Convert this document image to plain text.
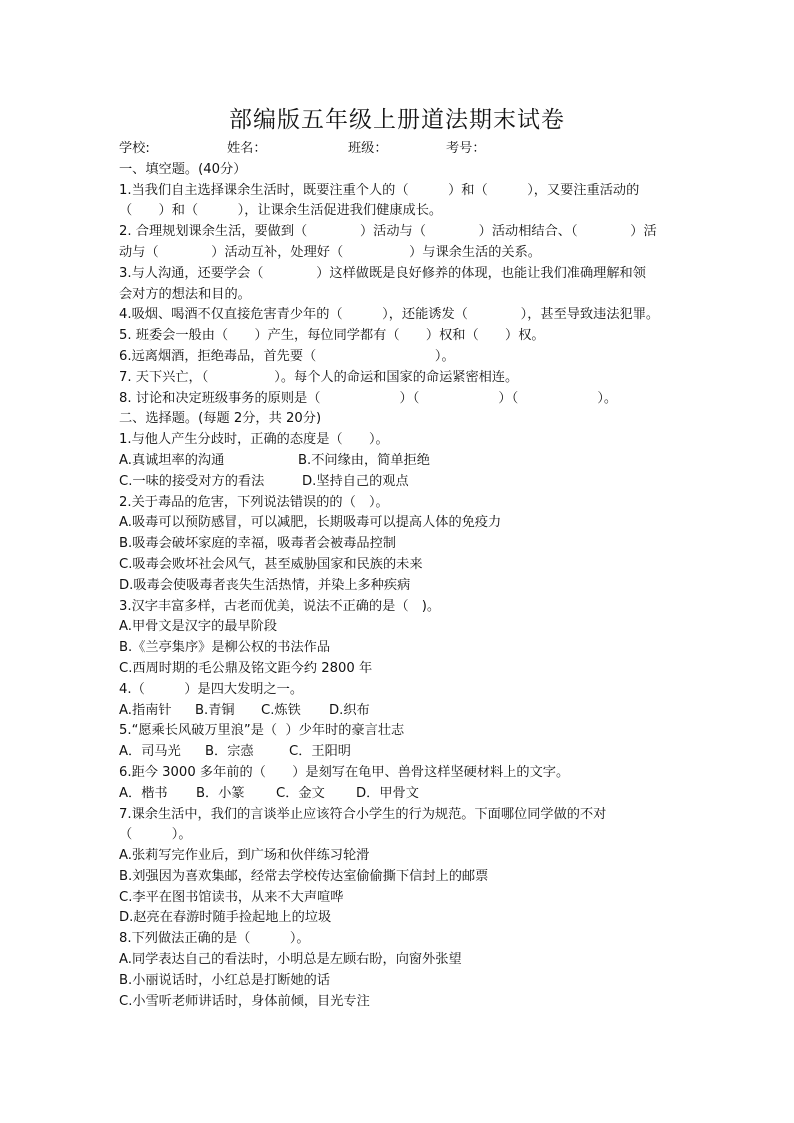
部编版五年级上册道法期末试卷
学校:	姓名：	班级：	考号：
一、填空题。(40分）
1.当我们自主选择课余生活时，既要注重个人的（　　　）和（　　　），又要注重活动的
（　　）和（　　　），让课余生活促进我们健康成长。
2. 合理规划课余生活，要做到（　　　　）活动与（　　　　）活动相结合、（　　　　）活
动与（　　　　）活动互补，处理好（　　　　　）与课余生活的关系。
3.与人沟通，还要学会（　　　　）这样做既是良好修养的体现，也能让我们准确理解和领
会对方的想法和目的。
4.吸烟、喝酒不仅直接危害青少年的（　　　），还能诱发（　　　　），甚至导致违法犯罪。
5. 班委会一般由（　　）产生，每位同学都有（　　）权和（　　）权。
6.远离烟酒，拒绝毒品，首先要（　　　　　　　　　）。
7. 天下兴亡，（　　　　　）。每个人的命运和国家的命运紧密相连。
8. 讨论和决定班级事务的原则是（　　　　　　）（　　　　　　）（　　　　　　）。
二、选择题。(每题 2分，共 20分)
1.与他人产生分歧时，正确的态度是（　　）。
A.真诚坦率的沟通	B.不问缘由，简单拒绝
C.一味的接受对方的看法	D.坚持自己的观点
2.关于毒品的危害，下列说法错误的的（　）。
A.吸毒可以预防感冒，可以减肥，长期吸毒可以提高人体的免疫力
B.吸毒会破坏家庭的幸福，吸毒者会被毒品控制
C.吸毒会败坏社会风气，甚至威胁国家和民族的未来
D.吸毒会使吸毒者丧失生活热情，并染上多种疾病
3.汉字丰富多样，古老而优美，说法不正确的是（　)。
A.甲骨文是汉字的最早阶段
B.《兰亭集序》是柳公权的书法作品
C.西周时期的毛公鼎及铭文距今约 2800 年
4.（　　　）是四大发明之一。
A.指南针 B.青铜 C.炼铁 D.织布
5.“愿乘长风破万里浪”是（  ）少年时的豪言壮志
A．司马光 B．宗悫	C．王阳明
6.距今 3000 多年前的（　　）是刻写在龟甲、兽骨这样坚硬材料上的文字。
A．楷书 B．小篆 C．金文 D．甲骨文
7.课余生活中，我们的言谈举止应该符合小学生的行为规范。下面哪位同学做的不对
（　　　）。
A.张莉写完作业后，到广场和伙伴练习轮滑
B.刘强因为喜欢集邮，经常去学校传达室偷偷撕下信封上的邮票
C.李平在图书馆读书，从来不大声喧哗
D.赵亮在春游时随手捡起地上的垃圾
8.下列做法正确的是（　　　）。
A.同学表达自己的看法时，小明总是左顾右盼，向窗外张望
B.小丽说话时，小红总是打断她的话
C.小雪听老师讲话时，身体前倾，目光专注
